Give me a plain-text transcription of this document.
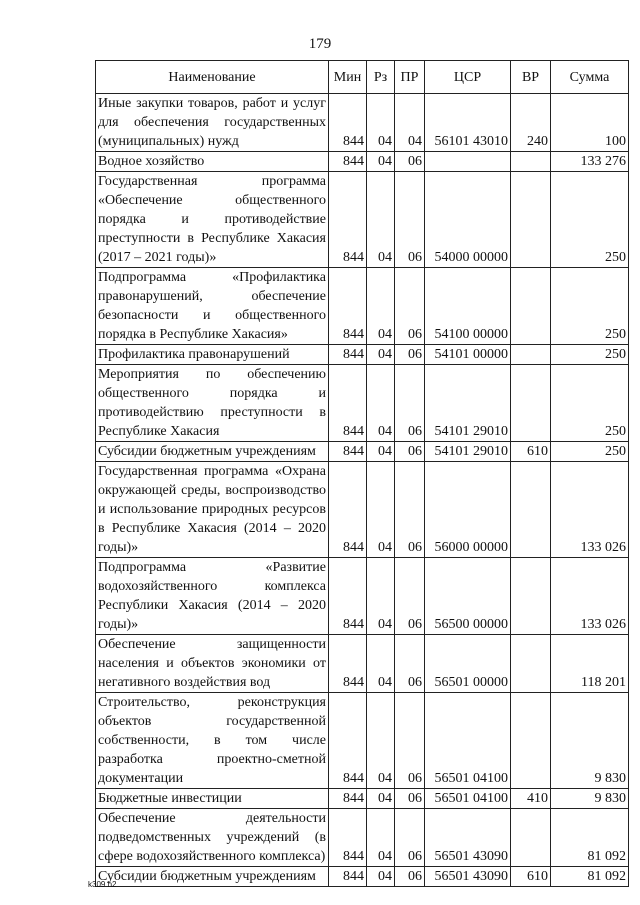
179
Наименование	Мин	Рз	ПР	ЦСР	ВР	Сумма
Иные закупки товаров, работ и услуг для обеспечения государственных (муниципальных) нужд	844	04	04	56101 43010	240	100
Водное хозяйство	844	04	06			133 276
Государственная программа «Обеспечение общественного порядка и противодействие преступности в Республике Хакасия (2017 – 2021 годы)»	844	04	06	54000 00000		250
Подпрограмма «Профилактика правонарушений, обеспечение безопасности и общественного порядка в Республике Хакасия»	844	04	06	54100 00000		250
Профилактика правонарушений	844	04	06	54101 00000		250
Мероприятия по обеспечению общественного порядка и противодействию преступности в Республике Хакасия	844	04	06	54101 29010		250
Субсидии бюджетным учреждениям	844	04	06	54101 29010	610	250
Государственная программа «Охрана окружающей среды, воспроизводство и использование природных ресурсов в Республике Хакасия (2014 – 2020 годы)»	844	04	06	56000 00000		133 026
Подпрограмма «Развитие водохозяйственного комплекса Республики Хакасия (2014 – 2020 годы)»	844	04	06	56500 00000		133 026
Обеспечение защищенности населения и объектов экономики от негативного воздействия вод	844	04	06	56501 00000		118 201
Строительство, реконструкция объектов государственной собственности, в том числе разработка проектно-сметной документации	844	04	06	56501 04100		9 830
Бюджетные инвестиции	844	04	06	56501 04100	410	9 830
Обеспечение деятельности подведомственных учреждений (в сфере водохозяйственного комплекса)	844	04	06	56501 43090		81 092
Субсидии бюджетным учреждениям	844	04	06	56501 43090	610	81 092
k309 h2
